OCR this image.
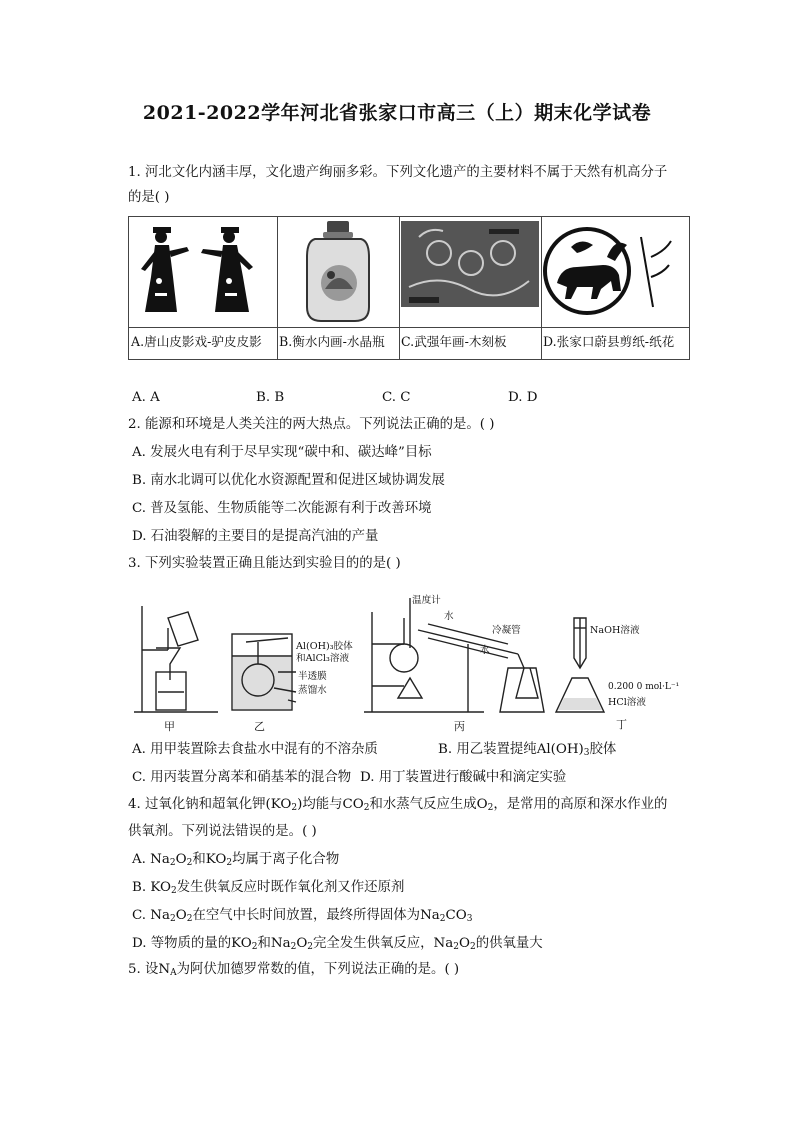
2021-2022学年河北省张家口市高三（上）期末化学试卷
1. 河北文化内涵丰厚，文化遗产绚丽多彩。下列文化遗产的主要材料不属于天然有机高分子
的是( )
A.唐山皮影戏-驴皮皮影 B.衡水内画-水晶瓶 C.武强年画-木刻板	D.张家口蔚县剪纸-纸花
A. A	B. B	C. C	D. D
2. 能源和环境是人类关注的两大热点。下列说法正确的是。( )
A. 发展火电有利于尽早实现“碳中和、碳达峰”目标
B. 南水北调可以优化水资源配置和促进区域协调发展
C. 普及氢能、生物质能等二次能源有利于改善环境
D. 石油裂解的主要目的是提高汽油的产量
3. 下列实验装置正确且能达到实验目的的是( )
甲	乙	丙	丁
Al(OH)₃胶体
和AlCl₃溶液
半透膜
蒸馏水
温度计
水
水
冷凝管	NaOH溶液
0.200 0 mol·L⁻¹
HCl溶液
A. 用甲装置除去食盐水中混有的不溶杂质	B. 用乙装置提纯$Al(OH)_3$胶体
C. 用丙装置分离苯和硝基苯的混合物 D. 用丁装置进行酸碱中和滴定实验
4. 过氧化钠和超氧化钾$(KO_2)$均能与$CO_2$和水蒸气反应生成$O_2$，是常用的高原和深水作业的
供氧剂。下列说法错误的是。( )
A. $Na_2O_2$和$KO_2$均属于离子化合物
B. $KO_2$发生供氧反应时既作氧化剂又作还原剂
C. $Na_2O_2$在空气中长时间放置，最终所得固体为$Na_2CO_3$
D. 等物质的量的$KO_2$和$Na_2O_2$完全发生供氧反应，$Na_2O_2$的供氧量大
5. 设$N_A$为阿伏加德罗常数的值，下列说法正确的是。( )
